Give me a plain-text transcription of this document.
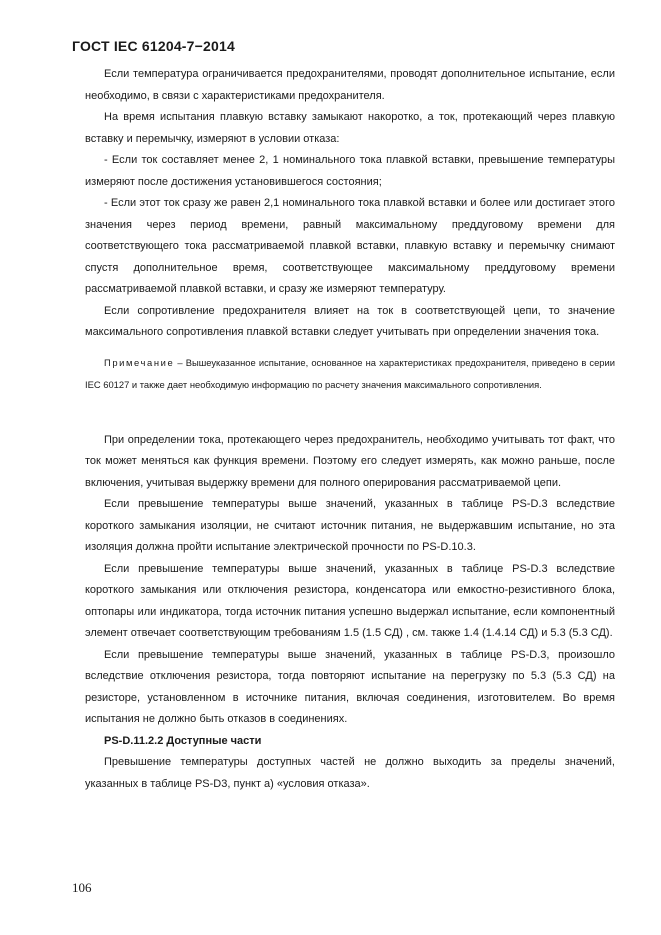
ГОСТ IEC 61204-7−2014

Если температура ограничивается предохранителями, проводят дополнительное испытание, если необходимо, в связи с характеристиками предохранителя.

На время испытания плавкую вставку замыкают накоротко, а ток, протекающий через плавкую вставку и перемычку, измеряют в условии отказа:

- Если ток составляет менее 2, 1 номинального тока плавкой вставки, превышение температуры измеряют после достижения установившегося состояния;

- Если этот ток сразу же равен 2,1 номинального тока плавкой вставки и более или достигает этого значения через период времени, равный максимальному преддуговому времени для соответствующего тока рассматриваемой плавкой вставки, плавкую вставку и перемычку снимают спустя дополнительное время, соответствующее максимальному преддуговому времени рассматриваемой плавкой вставки, и сразу же измеряют температуру.

Если сопротивление предохранителя влияет на ток в соответствующей цепи, то значение максимального сопротивления плавкой вставки следует учитывать при определении значения тока.

Примечание – Вышеуказанное испытание, основанное на характеристиках предохранителя, приведено в серии IEC 60127 и также дает необходимую информацию по расчету значения максимального сопротивления.

При определении тока, протекающего через предохранитель, необходимо учитывать тот факт, что ток может меняться как функция времени. Поэтому его следует измерять, как можно раньше, после включения, учитывая выдержку времени для полного оперирования рассматриваемой цепи.

Если превышение температуры выше значений, указанных в таблице PS-D.3 вследствие короткого замыкания изоляции, не считают источник питания, не выдержавшим испытание, но эта изоляция должна пройти испытание электрической прочности по PS-D.10.3.

Если превышение температуры выше значений, указанных в таблице PS-D.3 вследствие короткого замыкания или отключения резистора, конденсатора или емкостно-резистивного блока, оптопары или индикатора, тогда источник питания успешно выдержал испытание, если компонентный элемент отвечает соответствующим требованиям 1.5 (1.5 СД) , см. также 1.4 (1.4.14 СД) и 5.3 (5.3 СД).

Если превышение температуры выше значений, указанных в таблице PS-D.3, произошло вследствие отключения резистора, тогда повторяют испытание на перегрузку по 5.3 (5.3 СД) на резисторе, установленном в источнике питания, включая соединения, изготовителем. Во время испытания не должно быть отказов в соединениях.

PS-D.11.2.2 Доступные части

Превышение температуры доступных частей не должно выходить за пределы значений, указанных в таблице PS-D3, пункт а) «условия отказа».

106
